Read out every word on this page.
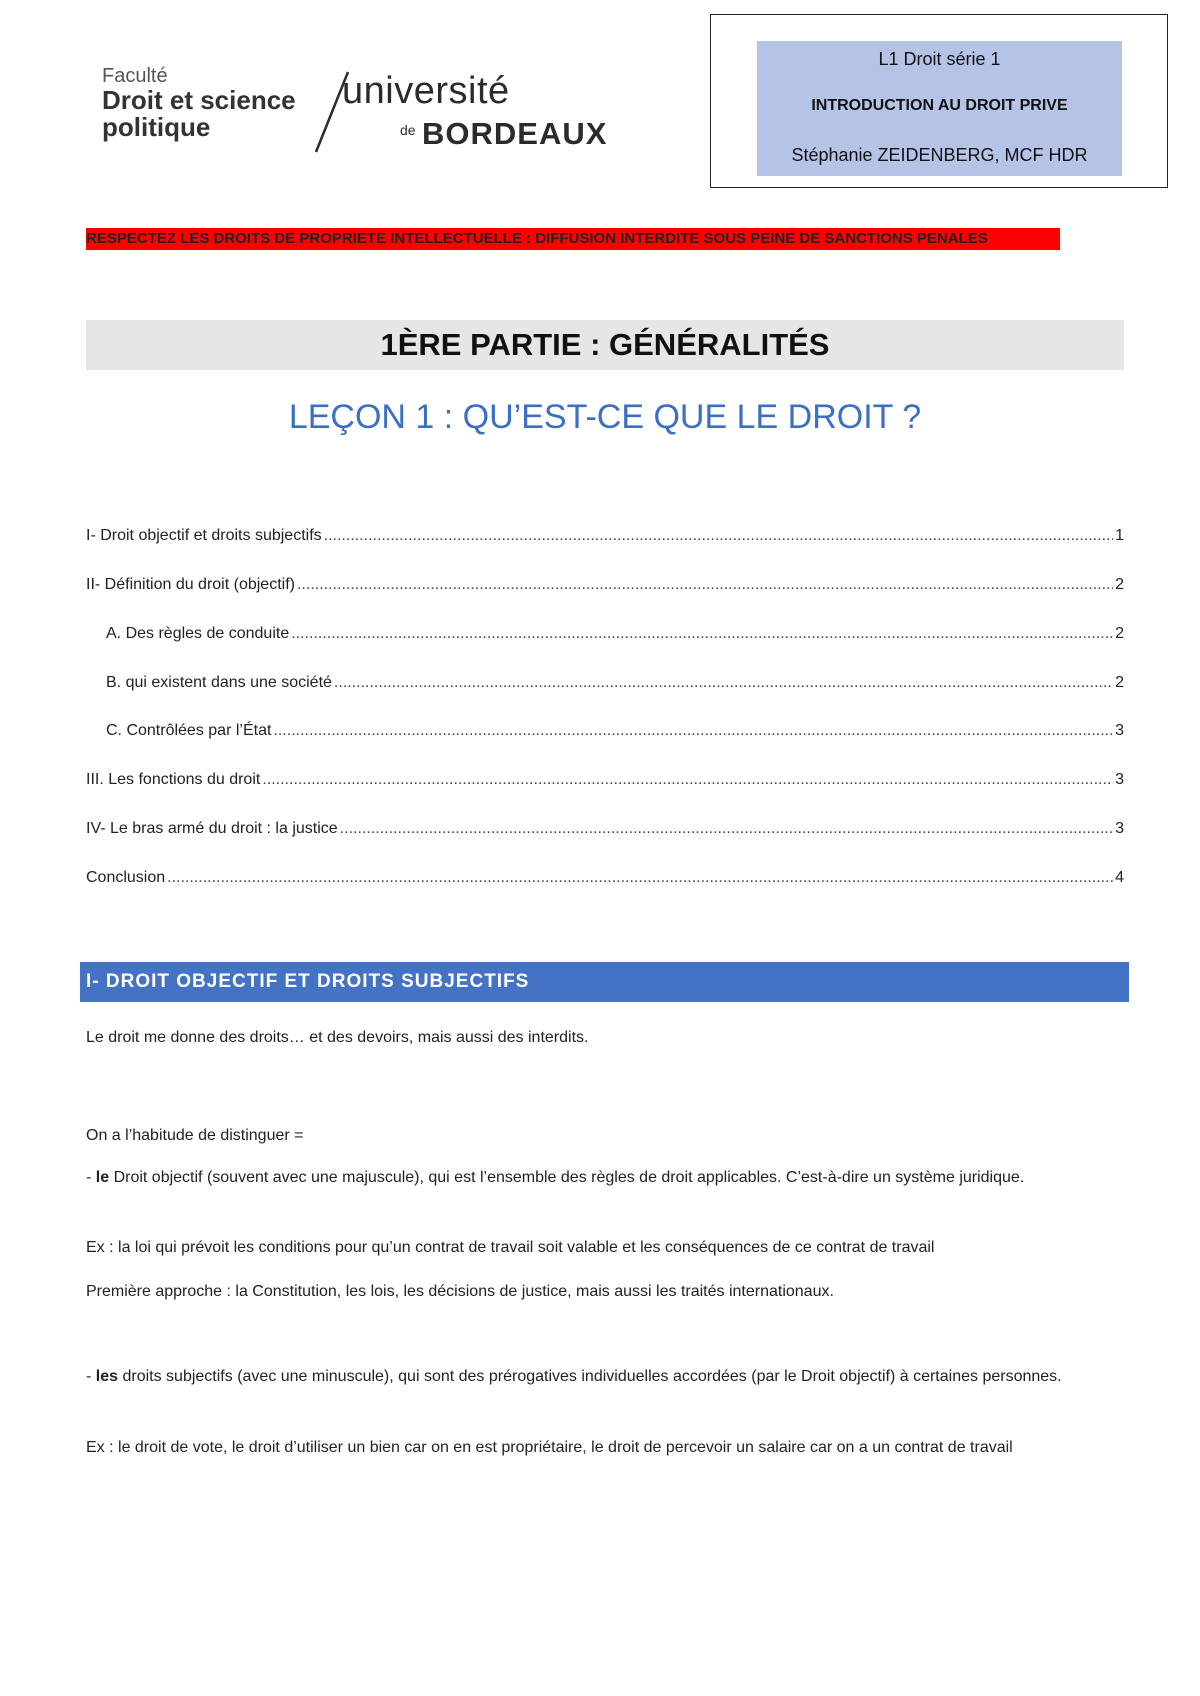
Faculté
Droit et science
politique
université
de BORDEAUX
L1 Droit série 1
INTRODUCTION AU DROIT PRIVE
Stéphanie ZEIDENBERG, MCF HDR
RESPECTEZ LES DROITS DE PROPRIETE INTELLECTUELLE : DIFFUSION INTERDITE SOUS PEINE DE SANCTIONS PENALES
1ÈRE PARTIE : GÉNÉRALITÉS
LEÇON 1 : QU’EST-CE QUE LE DROIT ?
I- Droit objectif et droits subjectifs .....	1
II- Définition du droit (objectif) .....	2
A. Des règles de conduite .....	2
B. qui existent dans une société .....	2
C. Contrôlées par l’État .....	3
III. Les fonctions du droit .....	3
IV- Le bras armé du droit : la justice .....	3
Conclusion .....	4
I- DROIT OBJECTIF ET DROITS SUBJECTIFS
Le droit me donne des droits… et des devoirs, mais aussi des interdits.
On a l’habitude de distinguer =
- le Droit objectif (souvent avec une majuscule), qui est l’ensemble des règles de droit applicables. C’est-à-dire un système juridique.
Ex : la loi qui prévoit les conditions pour qu’un contrat de travail soit valable et les conséquences de ce contrat de travail
Première approche : la Constitution, les lois, les décisions de justice, mais aussi les traités internationaux.
- les droits subjectifs (avec une minuscule), qui sont des prérogatives individuelles accordées (par le Droit objectif) à certaines personnes.
Ex : le droit de vote, le droit d’utiliser un bien car on en est propriétaire, le droit de percevoir un salaire car on a un contrat de travail
